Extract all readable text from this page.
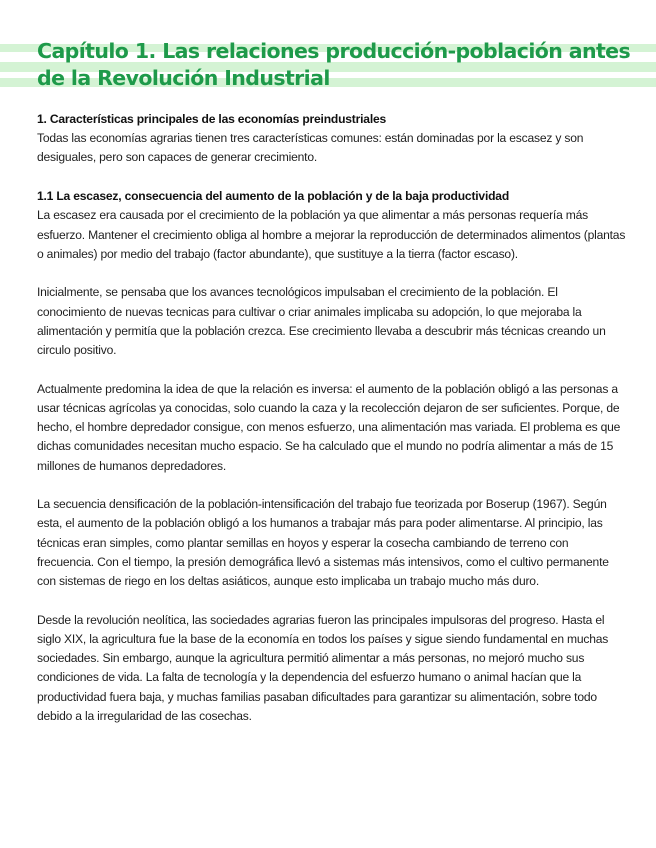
Capítulo 1. Las relaciones producción-población antes de la Revolución Industrial
1. Características principales de las economías preindustriales

Todas las economías agrarias tienen tres características comunes: están dominadas por la escasez y son desiguales, pero son capaces de generar crecimiento.

1.1 La escasez, consecuencia del aumento de la población y de la baja productividad

La escasez era causada por el crecimiento de la población ya que alimentar a más personas requería más esfuerzo. Mantener el crecimiento obliga al hombre a mejorar la reproducción de determinados alimentos (plantas o animales) por medio del trabajo (factor abundante), que sustituye a la tierra (factor escaso).

Inicialmente, se pensaba que los avances tecnológicos impulsaban el crecimiento de la población. El conocimiento de nuevas tecnicas para cultivar o criar animales implicaba su adopción, lo que mejoraba la alimentación y permitía que la población crezca. Ese crecimiento llevaba a descubrir más técnicas creando un circulo positivo.

Actualmente predomina la idea de que la relación es inversa: el aumento de la población obligó a las personas a usar técnicas agrícolas ya conocidas, solo cuando la caza y la recolección dejaron de ser suficientes. Porque, de hecho, el hombre depredador consigue, con menos esfuerzo, una alimentación mas variada. El problema es que dichas comunidades necesitan mucho espacio. Se ha calculado que el mundo no podría alimentar a más de 15 millones de humanos depredadores.

La secuencia densificación de la población-intensificación del trabajo fue teorizada por Boserup (1967). Según esta, el aumento de la población obligó a los humanos a trabajar más para poder alimentarse. Al principio, las técnicas eran simples, como plantar semillas en hoyos y esperar la cosecha cambiando de terreno con frecuencia. Con el tiempo, la presión demográfica llevó a sistemas más intensivos, como el cultivo permanente con sistemas de riego en los deltas asiáticos, aunque esto implicaba un trabajo mucho más duro.

Desde la revolución neolítica, las sociedades agrarias fueron las principales impulsoras del progreso. Hasta el siglo XIX, la agricultura fue la base de la economía en todos los países y sigue siendo fundamental en muchas sociedades. Sin embargo, aunque la agricultura permitió alimentar a más personas, no mejoró mucho sus condiciones de vida. La falta de tecnología y la dependencia del esfuerzo humano o animal hacían que la productividad fuera baja, y muchas familias pasaban dificultades para garantizar su alimentación, sobre todo debido a la irregularidad de las cosechas.
